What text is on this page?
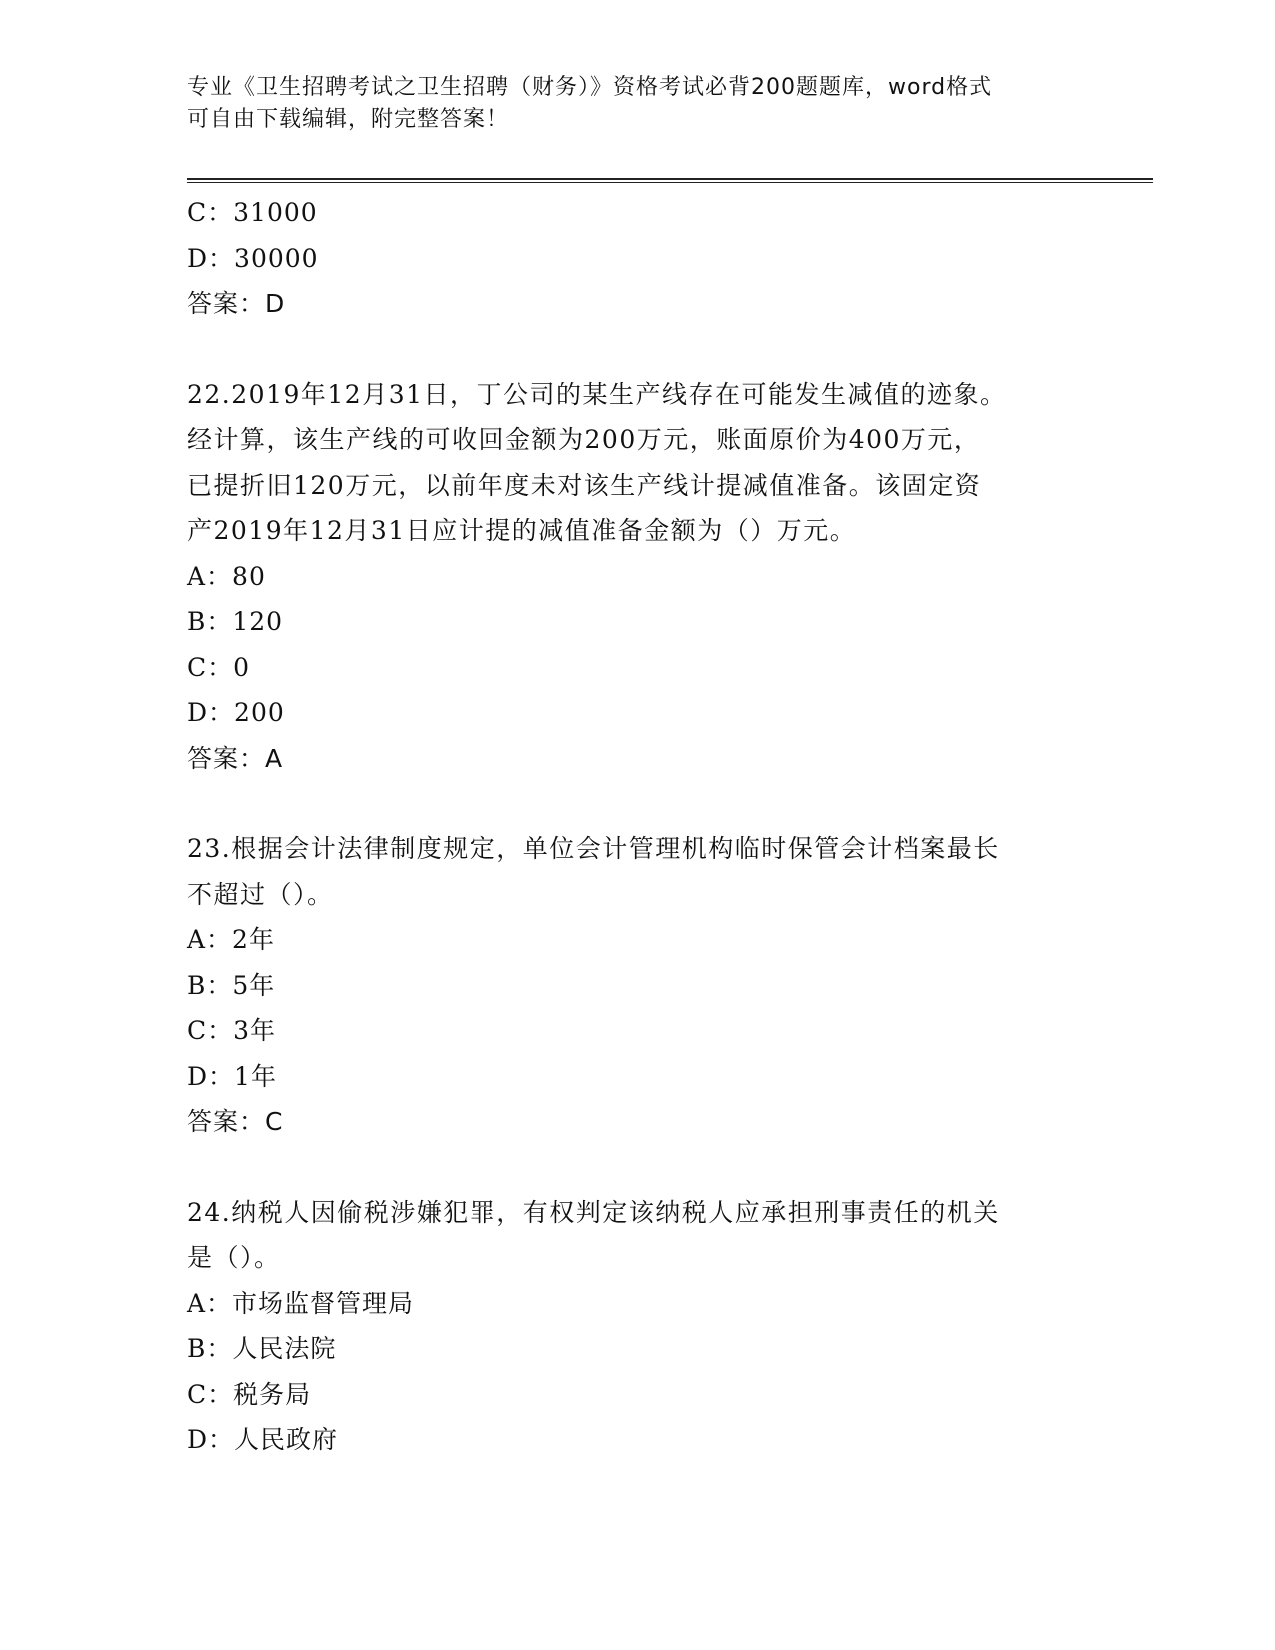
专业《卫生招聘考试之卫生招聘（财务）》资格考试必背200题题库，word格式
可自由下载编辑，附完整答案！

C：31000

D：30000

答案：D

22.2019年12月31日，丁公司的某生产线存在可能发生减值的迹象。

经计算，该生产线的可收回金额为200万元，账面原价为400万元，

已提折旧120万元，以前年度未对该生产线计提减值准备。该固定资

产2019年12月31日应计提的减值准备金额为（）万元。

A：80

B：120

C：0

D：200

答案：A

23.根据会计法律制度规定，单位会计管理机构临时保管会计档案最长

不超过（）。

A：2年

B：5年

C：3年

D：1年

答案：C

24.纳税人因偷税涉嫌犯罪，有权判定该纳税人应承担刑事责任的机关

是（）。

A：市场监督管理局

B：人民法院

C：税务局

D：人民政府
